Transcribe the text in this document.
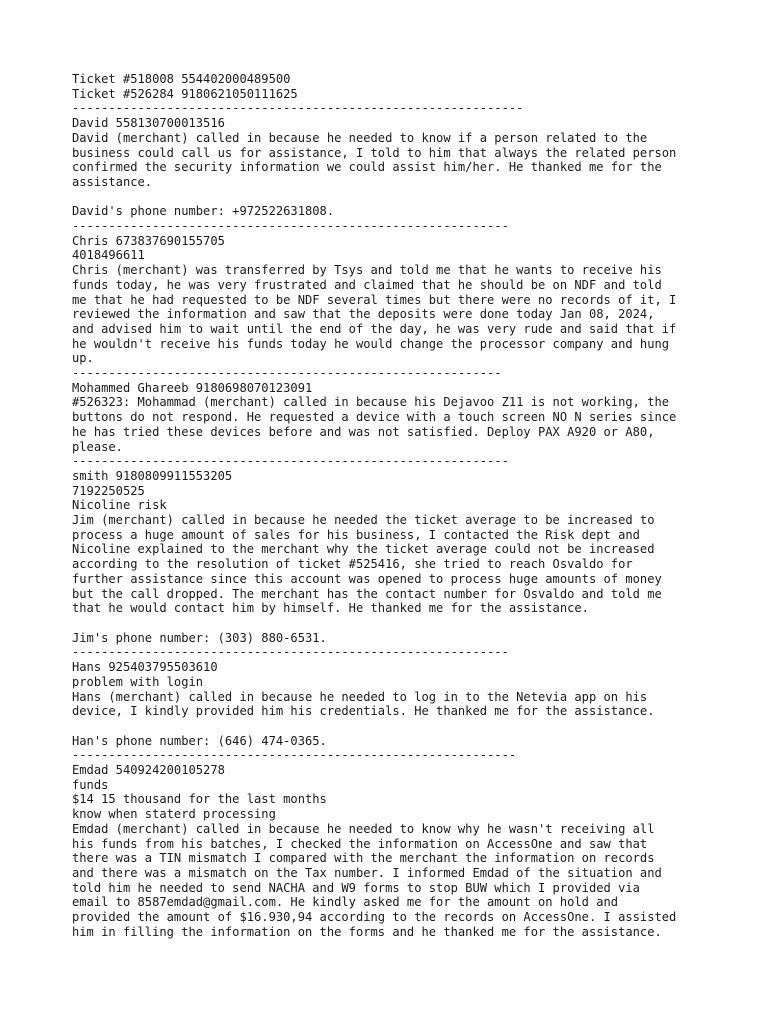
Ticket #518008 554402000489500
Ticket #526284 9180621050111625
--------------------------------------------------------------
David 558130700013516
David (merchant) called in because he needed to know if a person related to the
business could call us for assistance, I told to him that always the related person
confirmed the security information we could assist him/her. He thanked me for the
assistance.
David's phone number: +972522631808.
------------------------------------------------------------
Chris 673837690155705
4018496611
Chris (merchant) was transferred by Tsys and told me that he wants to receive his
funds today, he was very frustrated and claimed that he should be on NDF and told
me that he had requested to be NDF several times but there were no records of it, I
reviewed the information and saw that the deposits were done today Jan 08, 2024,
and advised him to wait until the end of the day, he was very rude and said that if
he wouldn't receive his funds today he would change the processor company and hung
up.
-----------------------------------------------------------
Mohammed Ghareeb 9180698070123091
#526323: Mohammad (merchant) called in because his Dejavoo Z11 is not working, the
buttons do not respond. He requested a device with a touch screen NO N series since
he has tried these devices before and was not satisfied. Deploy PAX A920 or A80,
please.
------------------------------------------------------------
smith 9180809911553205
7192250525
Nicoline risk
Jim (merchant) called in because he needed the ticket average to be increased to
process a huge amount of sales for his business, I contacted the Risk dept and
Nicoline explained to the merchant why the ticket average could not be increased
according to the resolution of ticket #525416, she tried to reach Osvaldo for
further assistance since this account was opened to process huge amounts of money
but the call dropped. The merchant has the contact number for Osvaldo and told me
that he would contact him by himself. He thanked me for the assistance.
Jim's phone number: (303) 880-6531.
------------------------------------------------------------
Hans 925403795503610
problem with login
Hans (merchant) called in because he needed to log in to the Netevia app on his
device, I kindly provided him his credentials. He thanked me for the assistance.
Han's phone number: (646) 474-0365.
-------------------------------------------------------------
Emdad 540924200105278
funds
$14 15 thousand for the last months
know when staterd processing
Emdad (merchant) called in because he needed to know why he wasn't receiving all
his funds from his batches, I checked the information on AccessOne and saw that
there was a TIN mismatch I compared with the merchant the information on records
and there was a mismatch on the Tax number. I informed Emdad of the situation and
told him he needed to send NACHA and W9 forms to stop BUW which I provided via
email to 8587emdad@gmail.com. He kindly asked me for the amount on hold and
provided the amount of $16.930,94 according to the records on AccessOne. I assisted
him in filling the information on the forms and he thanked me for the assistance.
